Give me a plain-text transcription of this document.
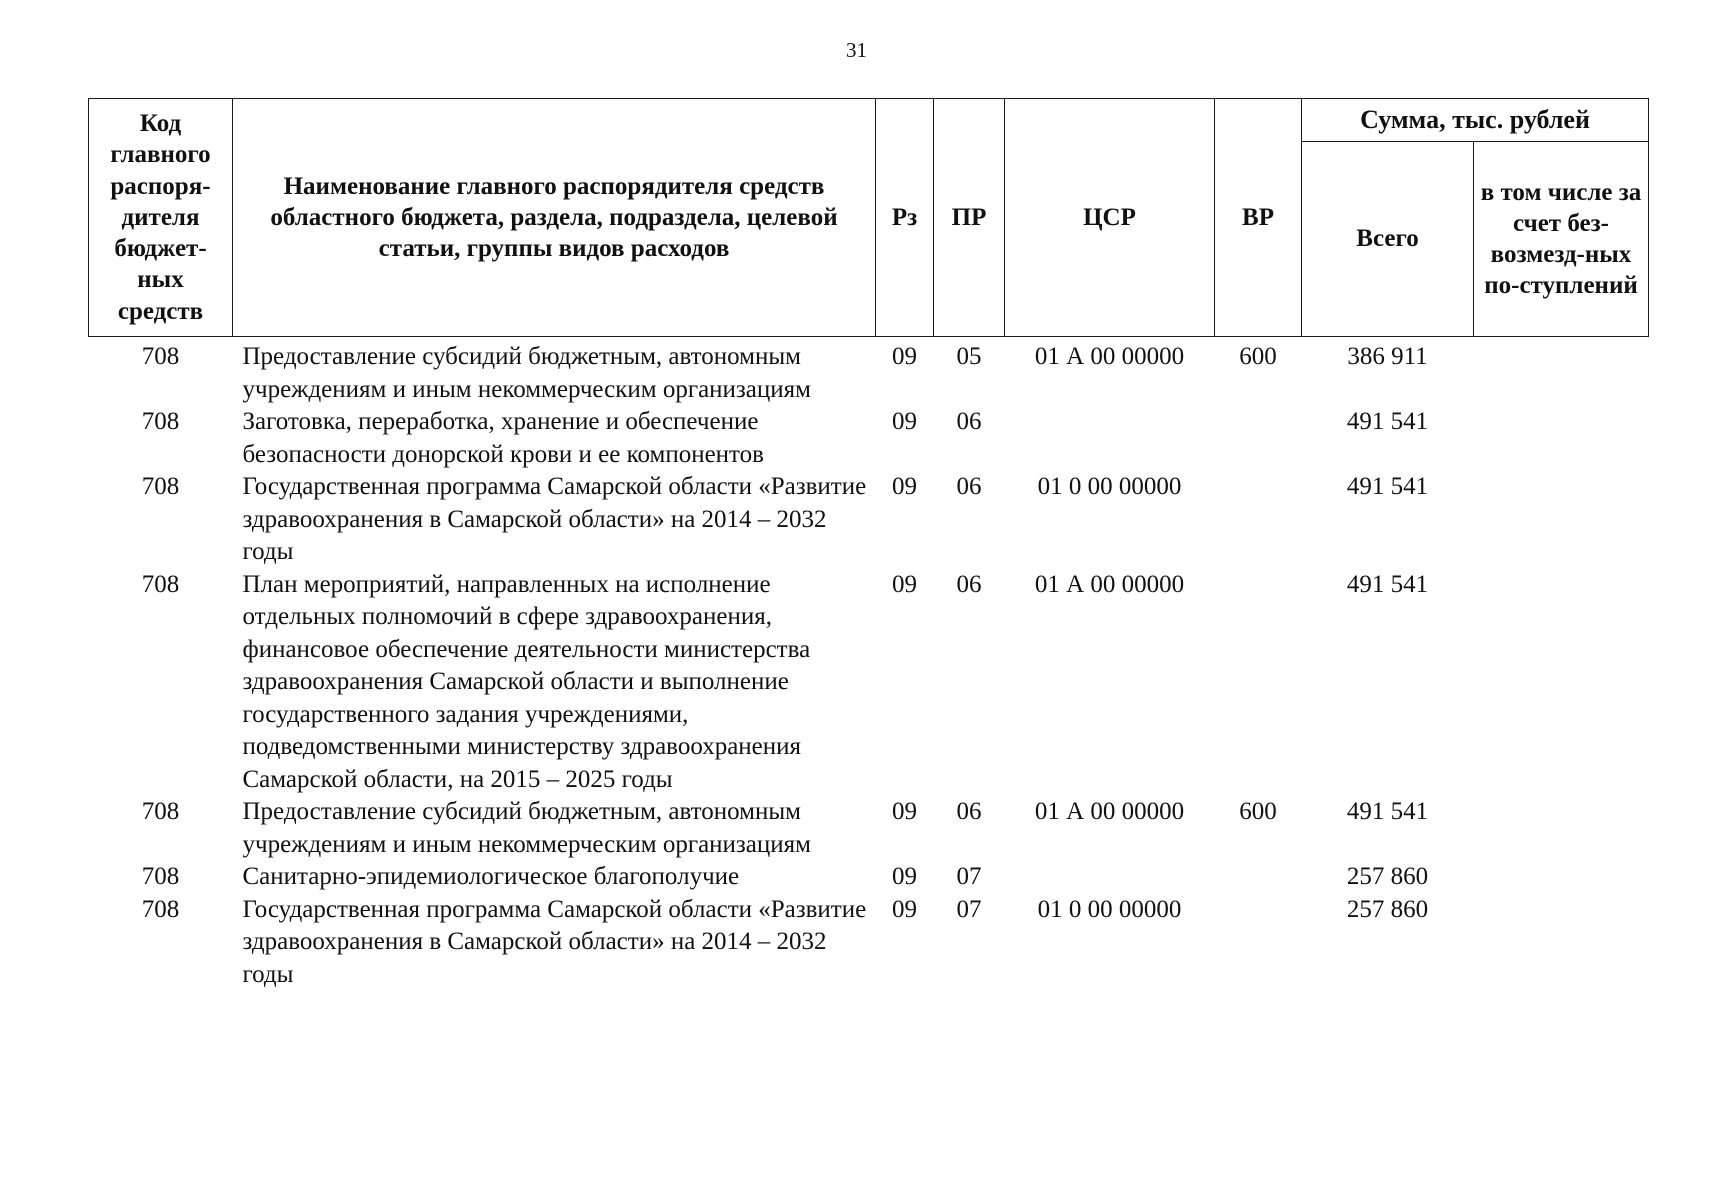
31
Код главного распоря-дителя бюджет-ных средств	Наименование главного распорядителя средств областного бюджета, раздела, подраздела, целевой статьи, группы видов расходов	Рз	ПР	ЦСР	ВР	Сумма, тыс. рублей	
						Всего	в том числе за счет без-возмезд-ных по-ступлений
708	Предоставление субсидий бюджетным, автономным учреждениям и иным некоммерческим организациям	09	05	01 А 00 00000	600	386 911	
708	Заготовка, переработка, хранение и обеспечение безопасности донорской крови и ее компонентов	09	06			491 541	
708	Государственная программа Самарской области «Развитие здравоохранения в Самарской области» на 2014 – 2032 годы	09	06	01 0 00 00000		491 541	
708	План мероприятий, направленных на исполнение отдельных полномочий в сфере здравоохранения, финансовое обеспечение деятельности министерства здравоохранения Самарской области и выполнение государственного задания учреждениями, подведомственными министерству здравоохранения Самарской области, на 2015 – 2025 годы	09	06	01 А 00 00000		491 541	
708	Предоставление субсидий бюджетным, автономным учреждениям и иным некоммерческим организациям	09	06	01 А 00 00000	600	491 541	
708	Санитарно-эпидемиологическое благополучие	09	07			257 860	
708	Государственная программа Самарской области «Развитие здравоохранения в Самарской области» на 2014 – 2032 годы	09	07	01 0 00 00000		257 860	
